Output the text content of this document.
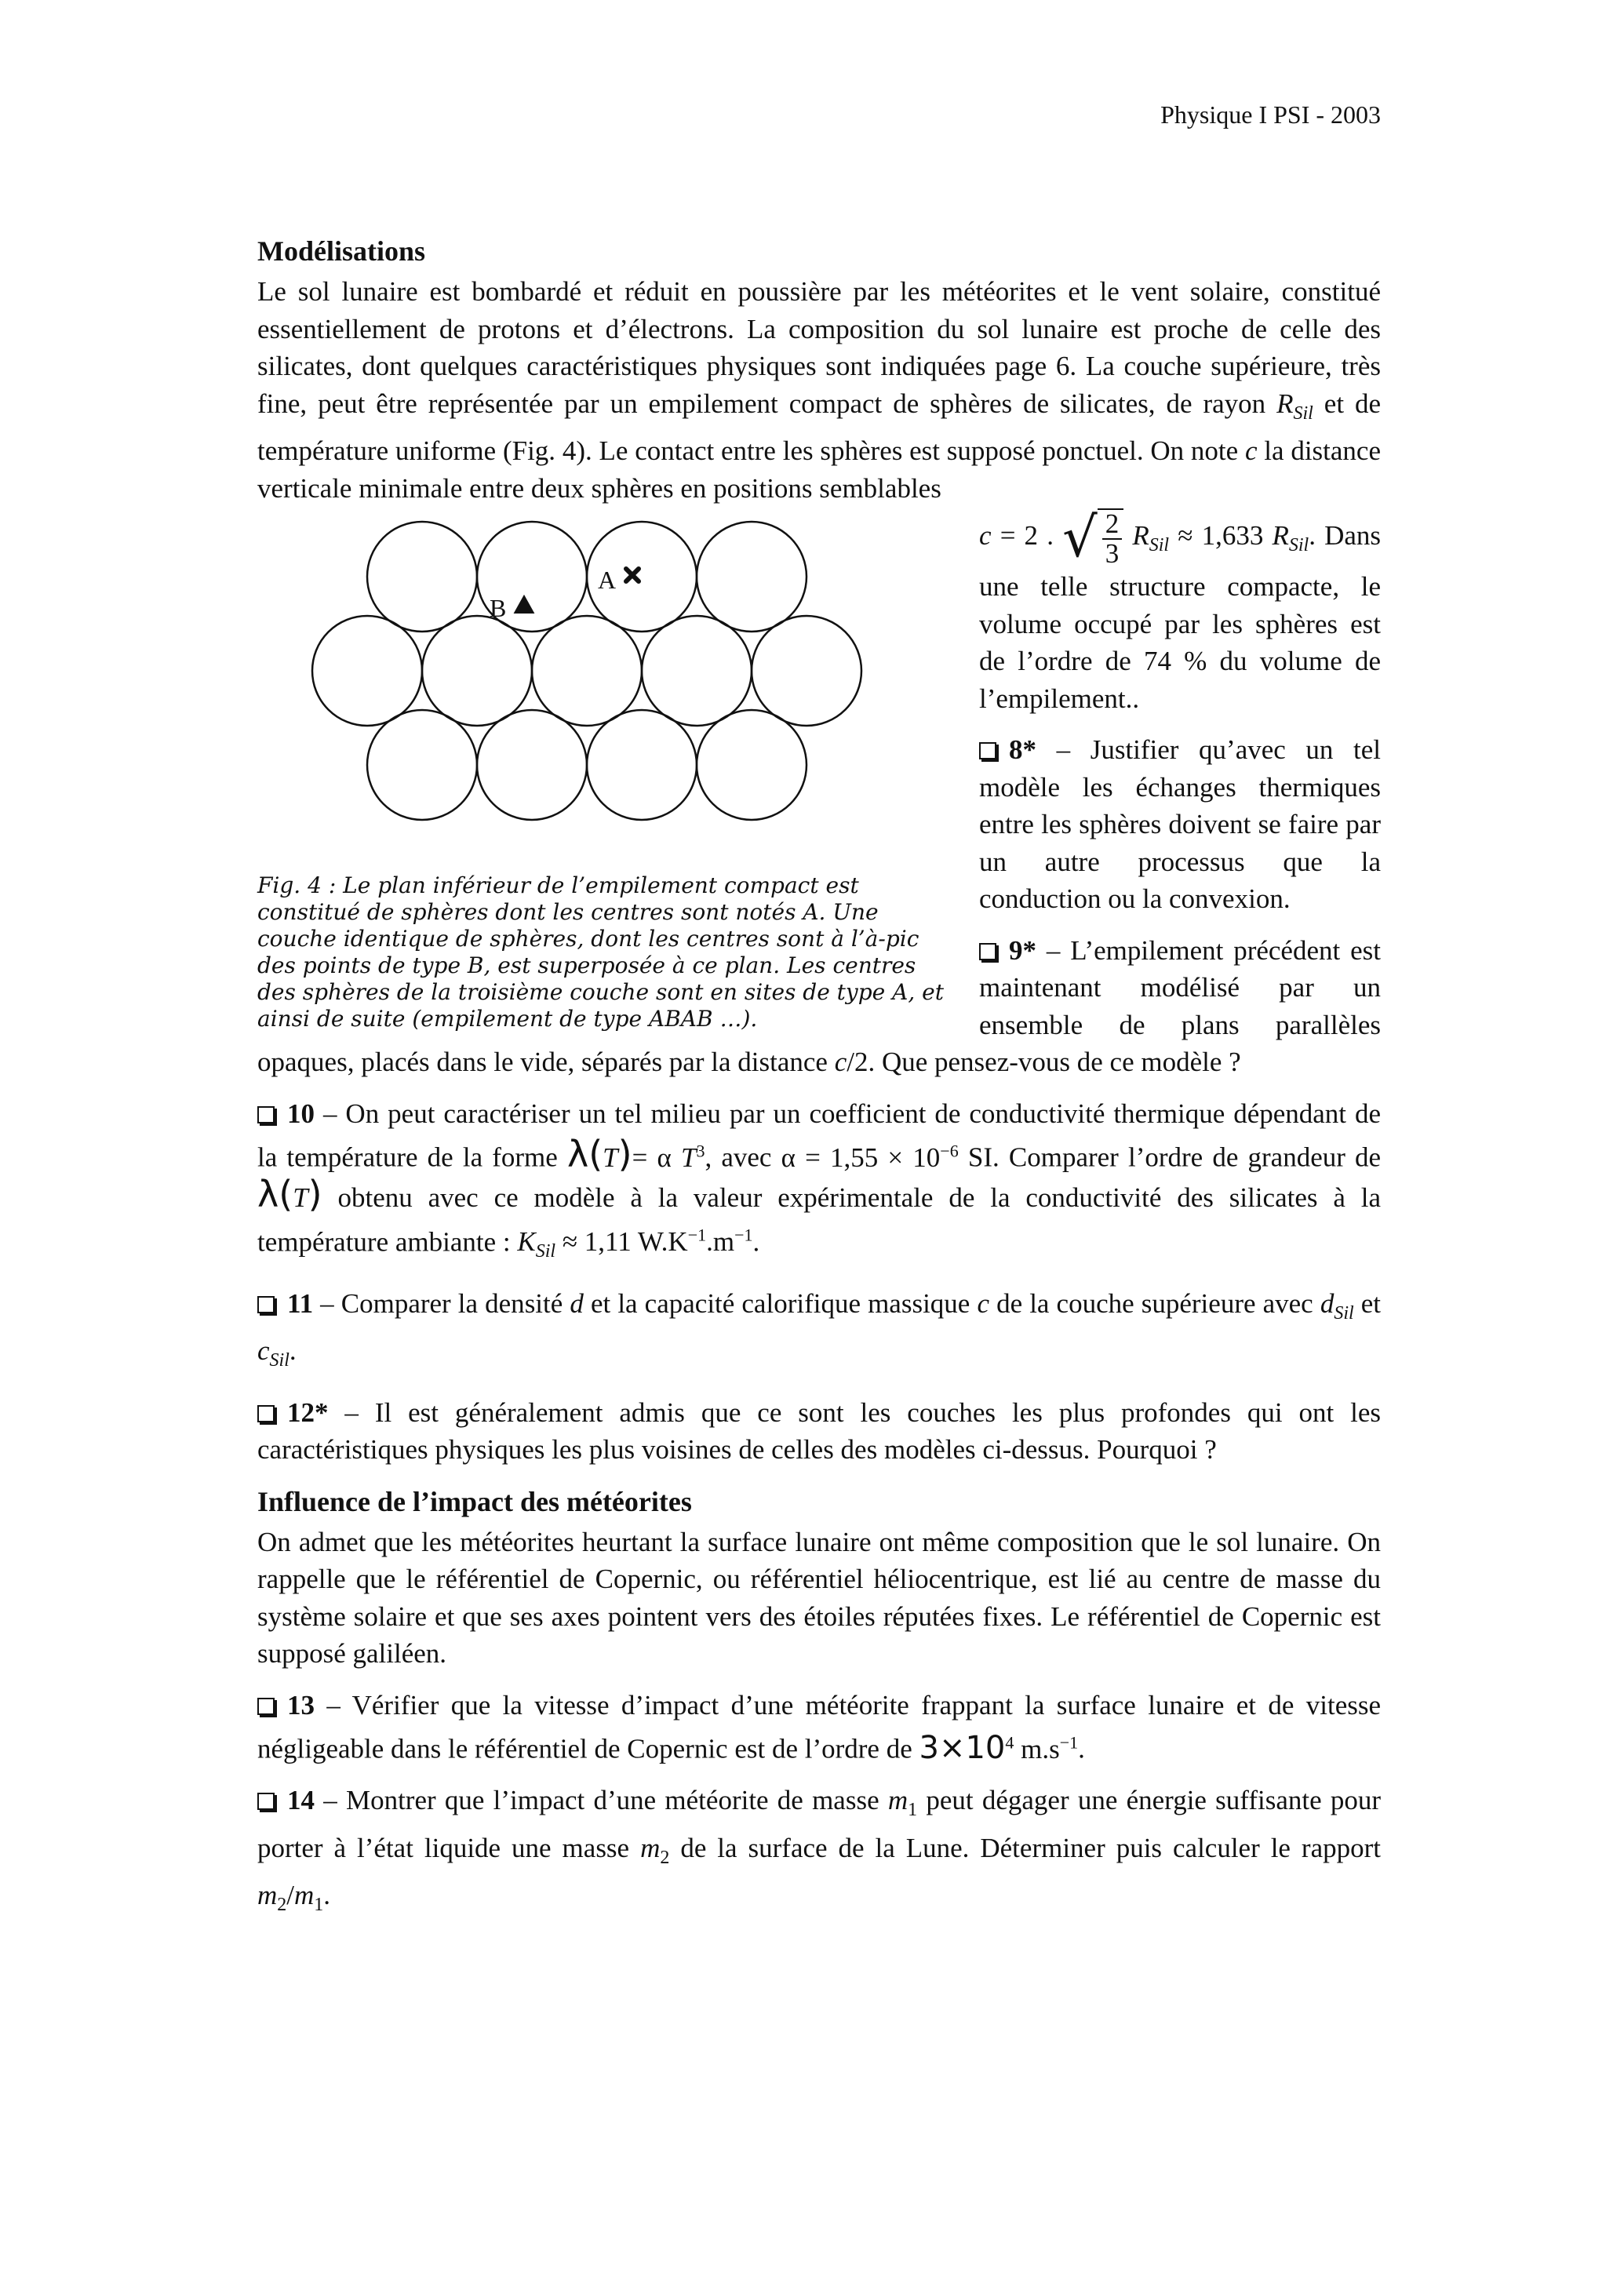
Physique I PSI - 2003
Modélisations

Le sol lunaire est bombardé et réduit en poussière par les météorites et le vent solaire, constitué essentiellement de protons et d’électrons. La composition du sol lunaire est proche de celle des silicates, dont quelques caractéristiques physiques sont indiquées page 6. La couche supérieure, très fine, peut être représentée par un empilement compact de sphères de silicates, de rayon $R_{Sil}$ et de température uniforme (Fig. 4). Le contact entre les sphères est supposé ponctuel. On note c la distance verticale minimale entre deux sphères en positions semblables

A
B
Fig. 4 : Le plan inférieur de l’empilement compact est constitué de sphères dont les centres sont notés A. Une couche identique de sphères, dont les centres sont à l’à-pic des points de type B, est superposée à ce plan. Les centres des sphères de la troisième couche sont en sites de type A, et ainsi de suite (empilement de type ABAB …).

c = 2 . √ $\frac{2}{3} R_{Sil} \approx 1,633$ $R_{Sil}$. Dans une telle structure compacte, le volume occupé par les sphères est de l’ordre de 74 % du volume de l’empilement..

8* – Justifier qu’avec un tel modèle les échanges thermiques entre les sphères doivent se faire par un autre processus que la conduction ou la convexion.

9* – L’empilement précédent est maintenant modélisé par un ensemble de plans parallèles opaques, placés dans le vide, séparés par la distance c/2. Que pensez-vous de ce modèle ?

10 – On peut caractériser un tel milieu par un coefficient de conductivité thermique dépendant de la température de la forme λ(T)= α $T^3$, avec $\alpha = 1,55 \times 10^{-6}$ SI. Comparer l’ordre de grandeur de λ(T) obtenu avec ce modèle à la valeur expérimentale de la conductivité des silicates à la température ambiante : $K_{Sil} \approx 1,11$ $W.K^{-1}.m^{-1}$.

11 – Comparer la densité d et la capacité calorifique massique c de la couche supérieure avec $d_{Sil}$ et $c_{Sil}$.

12* – Il est généralement admis que ce sont les couches les plus profondes qui ont les caractéristiques physiques les plus voisines de celles des modèles ci-dessus. Pourquoi ?

Influence de l’impact des météorites

On admet que les météorites heurtant la surface lunaire ont même composition que le sol lunaire. On rappelle que le référentiel de Copernic, ou référentiel héliocentrique, est lié au centre de masse du système solaire et que ses axes pointent vers des étoiles réputées fixes. Le référentiel de Copernic est supposé galiléen.

13 – Vérifier que la vitesse d’impact d’une météorite frappant la surface lunaire et de vitesse négligeable dans le référentiel de Copernic est de l’ordre de $3\times 10^4$ $m.s^{-1}$.

14 – Montrer que l’impact d’une météorite de masse $m_1$ peut dégager une énergie suffisante pour porter à l’état liquide une masse $m_2$ de la surface de la Lune. Déterminer puis calculer le rapport $m_2/m_1$.
